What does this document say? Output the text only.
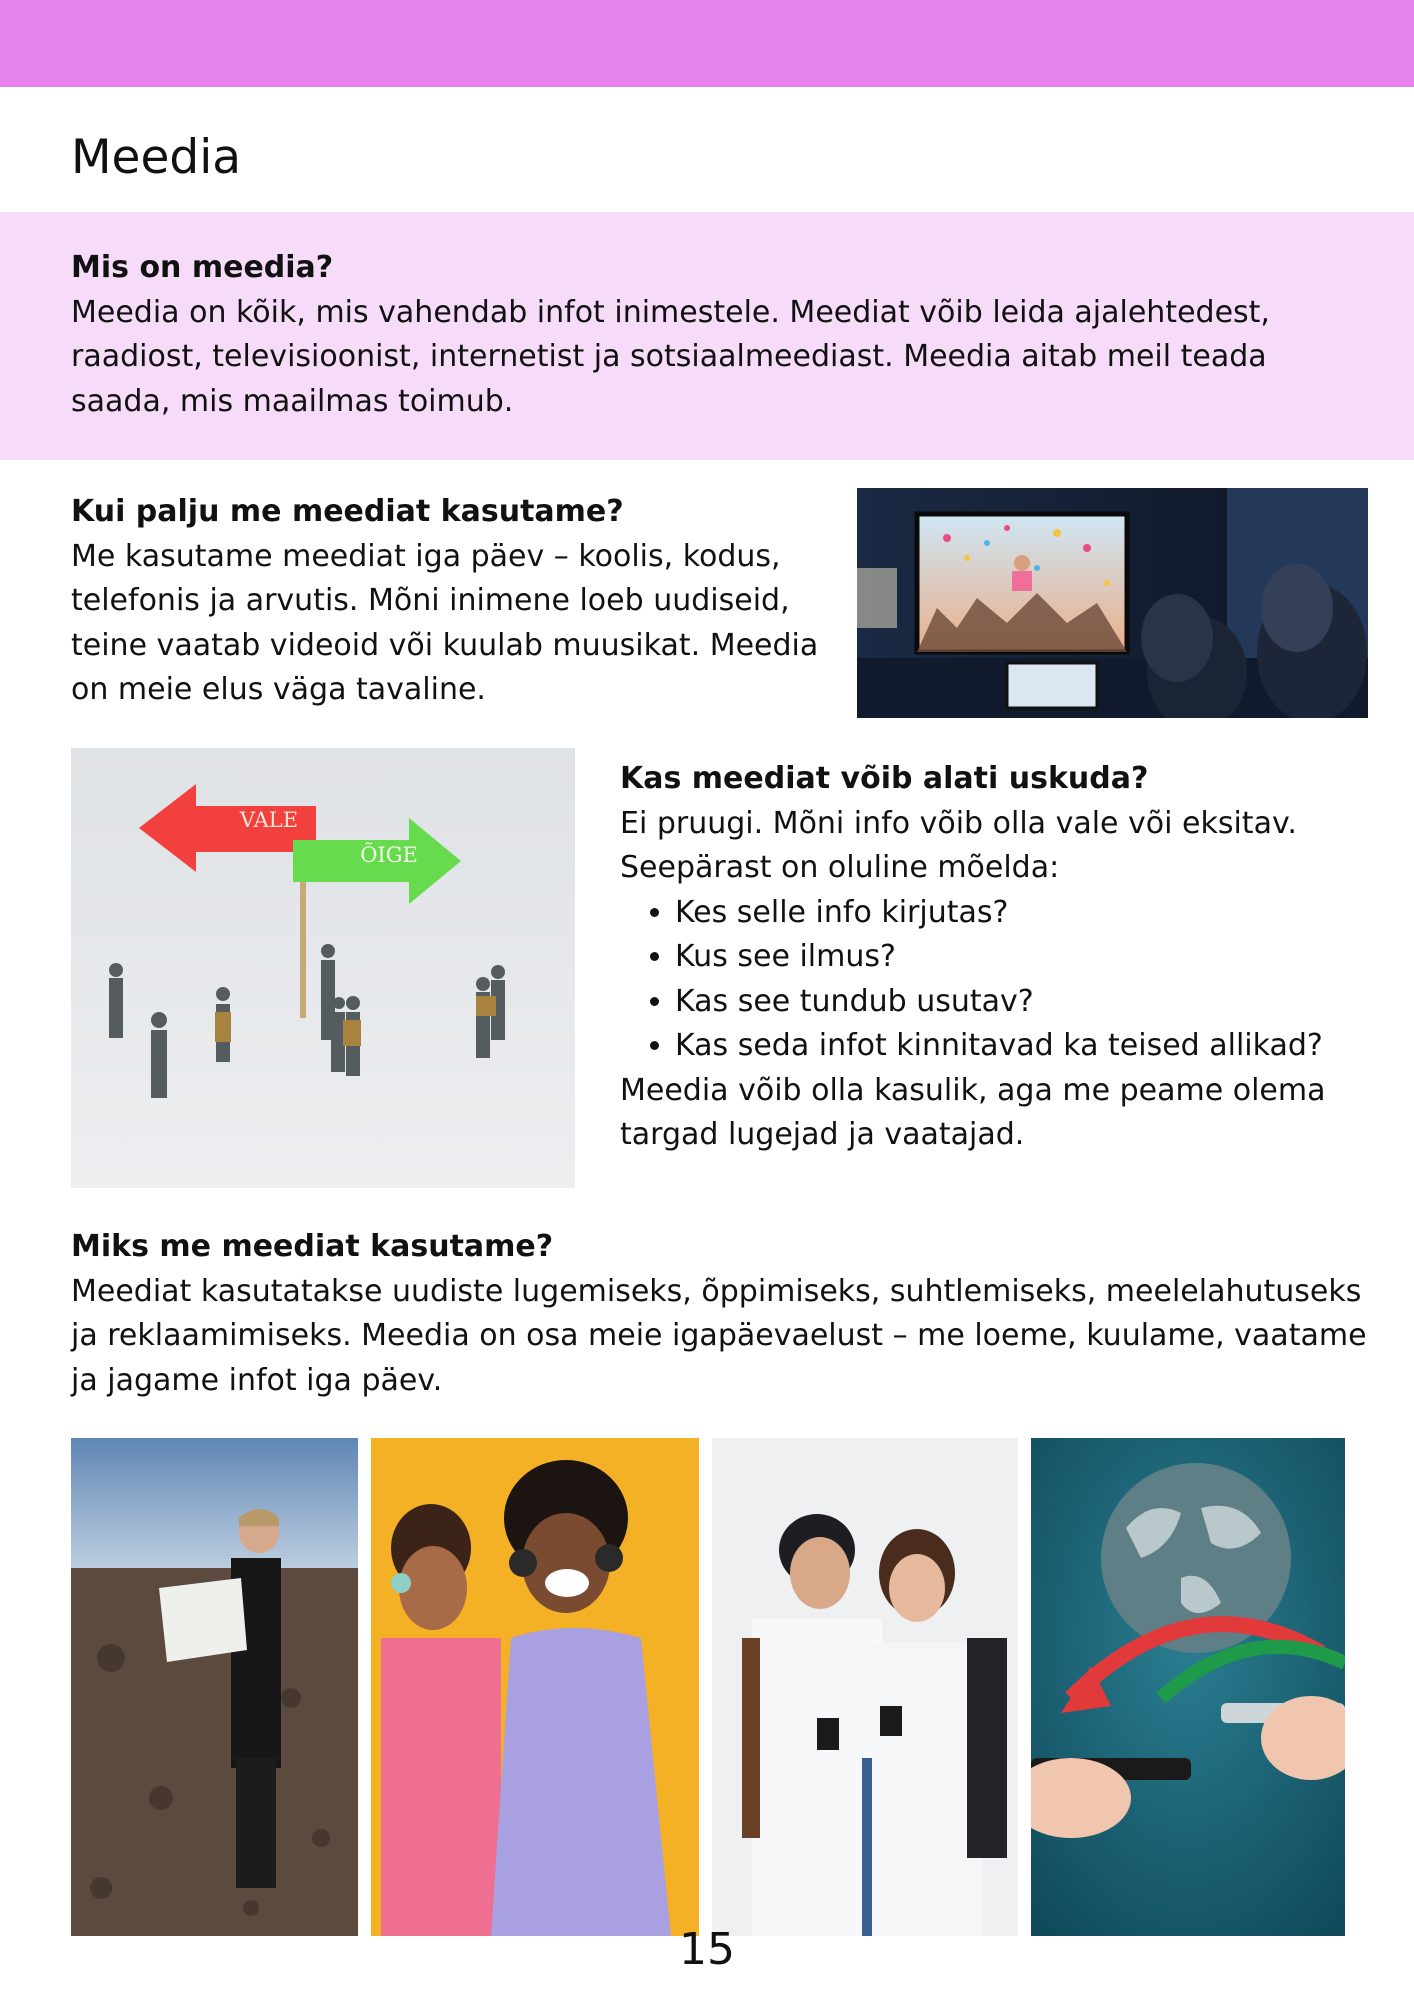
Meedia
Mis on meedia?

Meedia on kõik, mis vahendab infot inimestele. Meediat võib leida ajalehtedest, raadiost, televisioonist, internetist ja sotsiaalmeediast. Meedia aitab meil teada saada, mis maailmas toimub.

Kui palju me meediat kasutame?

Me kasutame meediat iga päev – koolis, kodus, telefonis ja arvutis. Mõni inimene loeb uudiseid, teine vaatab videoid või kuulab muusikat. Meedia on meie elus väga tavaline.

VALE
ÕIGE
Kas meediat võib alati uskuda?

Ei pruugi. Mõni info võib olla vale või eksitav. Seepärast on oluline mõelda:

• Kes selle info kirjutas?
• Kus see ilmus?
• Kas see tundub usutav?
• Kas seda infot kinnitavad ka teised allikad?

Meedia võib olla kasulik, aga me peame olema targad lugejad ja vaatajad.

Miks me meediat kasutame?

Meediat kasutatakse uudiste lugemiseks, õppimiseks, suhtlemiseks, meelelahutuseks ja reklaamimiseks. Meedia on osa meie igapäevaelust – me loeme, kuulame, vaatame ja jagame infot iga päev.

15
